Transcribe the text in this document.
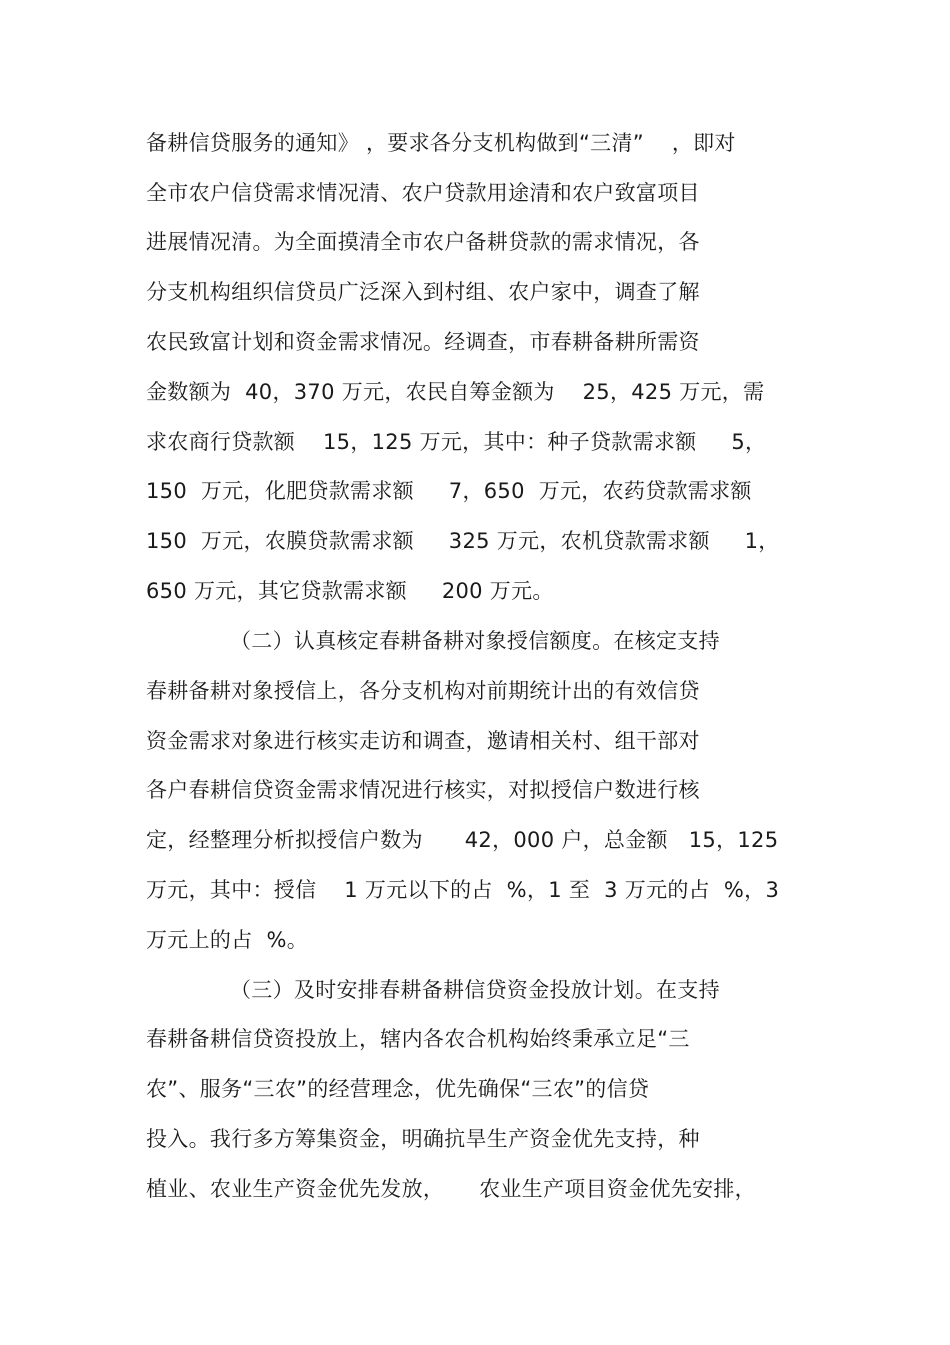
备耕信贷服务的通知》 ，要求各分支机构做到“三清”    ，即对
全市农户信贷需求情况清、农户贷款用途清和农户致富项目
进展情况清。为全面摸清全市农户备耕贷款的需求情况，各
分支机构组织信贷员广泛深入到村组、农户家中，调查了解
农民致富计划和资金需求情况。经调查，市春耕备耕所需资
金数额为  40，370 万元，农民自筹金额为    25，425 万元，需
求农商行贷款额    15，125 万元，其中：种子贷款需求额     5，
150  万元，化肥贷款需求额     7，650  万元，农药贷款需求额
150  万元，农膜贷款需求额     325 万元，农机贷款需求额     1，
650 万元，其它贷款需求额     200 万元。
（二）认真核定春耕备耕对象授信额度。在核定支持
春耕备耕对象授信上，各分支机构对前期统计出的有效信贷
资金需求对象进行核实走访和调查，邀请相关村、组干部对
各户春耕信贷资金需求情况进行核实，对拟授信户数进行核
定，经整理分析拟授信户数为      42，000 户，总金额   15，125
万元，其中：授信    1 万元以下的占  %，1 至  3 万元的占  %，3
万元上的占  %。
（三）及时安排春耕备耕信贷资金投放计划。在支持
春耕备耕信贷资投放上，辖内各农合机构始终秉承立足“三
农”、服务“三农”的经营理念，优先确保“三农”的信贷
投入。我行多方筹集资金，明确抗旱生产资金优先支持，种
植业、农业生产资金优先发放，     农业生产项目资金优先安排，
